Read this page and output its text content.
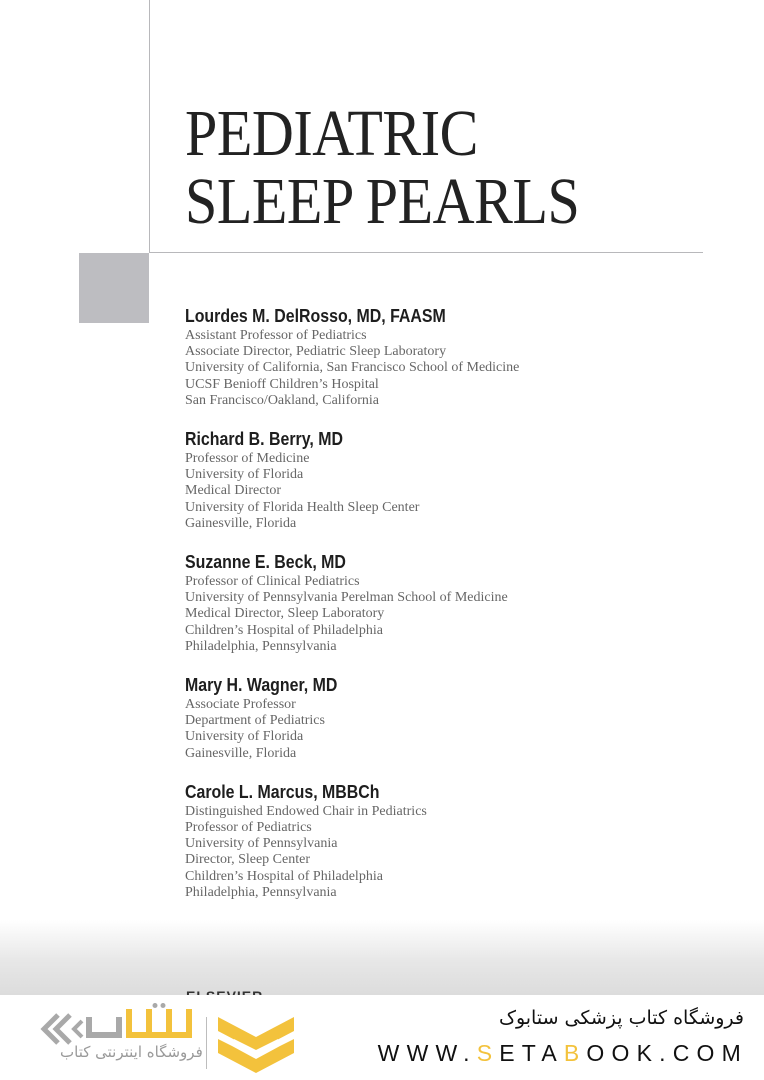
PEDIATRIC
SLEEP PEARLS
Lourdes M. DelRosso, MD, FAASM
Assistant Professor of Pediatrics
Associate Director, Pediatric Sleep Laboratory
University of California, San Francisco School of Medicine
UCSF Benioff Children’s Hospital
San Francisco/Oakland, California
Richard B. Berry, MD
Professor of Medicine
University of Florida
Medical Director
University of Florida Health Sleep Center
Gainesville, Florida
Suzanne E. Beck, MD
Professor of Clinical Pediatrics
University of Pennsylvania Perelman School of Medicine
Medical Director, Sleep Laboratory
Children’s Hospital of Philadelphia
Philadelphia, Pennsylvania
Mary H. Wagner, MD
Associate Professor
Department of Pediatrics
University of Florida
Gainesville, Florida
Carole L. Marcus, MBBCh
Distinguished Endowed Chair in Pediatrics
Professor of Pediatrics
University of Pennsylvania
Director, Sleep Center
Children’s Hospital of Philadelphia
Philadelphia, Pennsylvania
فروشگاه اینترنتی کتاب
فروشگاه کتاب پزشکی ستابوک
WWW.SETABOOK.COM
